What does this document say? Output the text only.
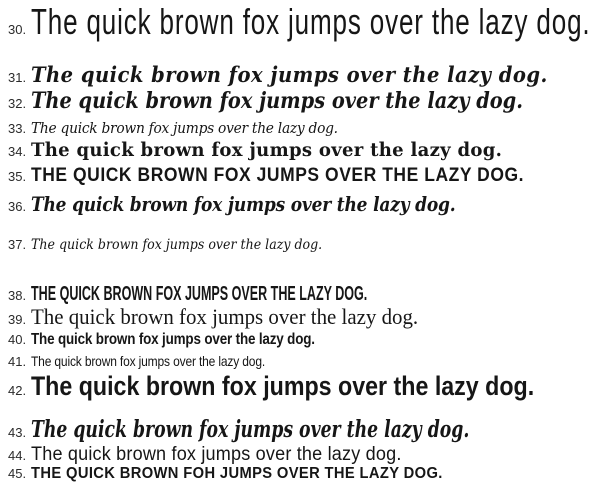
30. The quick brown fox jumps over the lazy dog.
31. The quick brown fox jumps over the lazy dog.
32. The quick brown fox jumps over the lazy dog.
33. The quick brown fox jumps over the lazy dog.
34. The quick brown fox jumps over the lazy dog.
35. THE QUICK BROWN FOX JUMPS OVER THE LAZY DOG.
36. The quick brown fox jumps over the lazy dog.
37. The quick brown fox jumps over the lazy dog.
38. THE QUICK BROWN FOX JUMPS OVER THE LAZY DOG.
39. The quick brown fox jumps over the lazy dog.
40. The quick brown fox jumps over the lazy dog.
41. The quick brown fox jumps over the lazy dog.
42. The quick brown fox jumps over the lazy dog.
43. The quick brown fox jumps over the lazy dog.
44. The quick brown fox jumps over the lazy dog.
45. THE QUICK BROWN FOH JUMPS OVER THE LAZY DOG.
